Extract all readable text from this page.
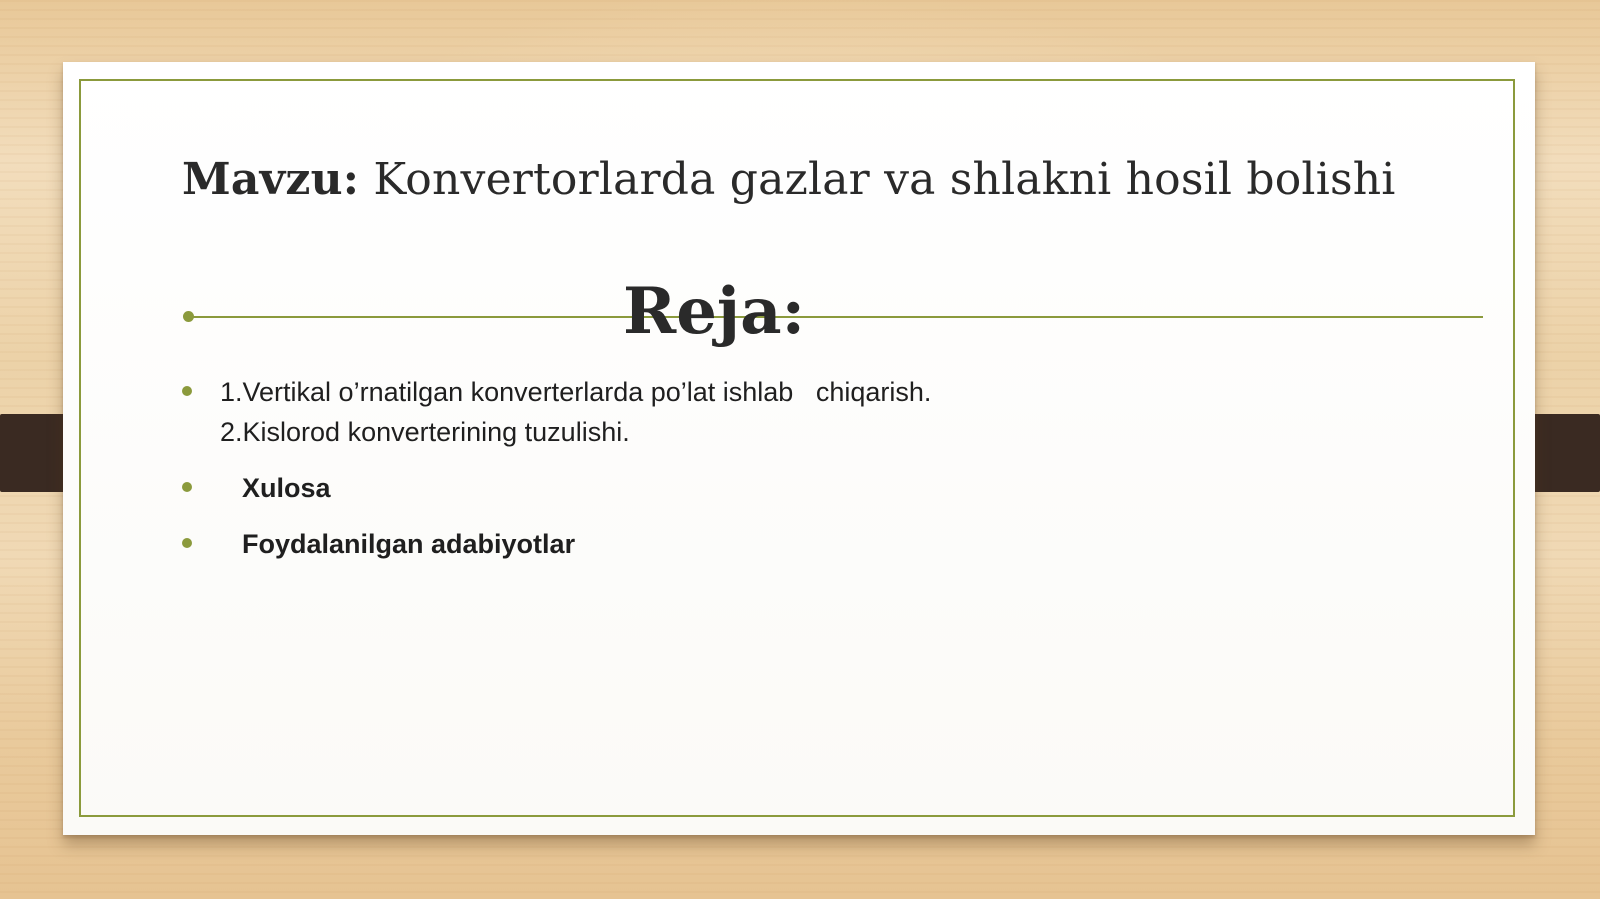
Mavzu: Konvertorlarda gazlar va shlakni hosil bolishi
Reja:
1.Vertikal o’rnatilgan konverterlarda po’lat ishlab   chiqarish.
2.Kislorod konverterining tuzulishi.
Xulosa
Foydalanilgan adabiyotlar
